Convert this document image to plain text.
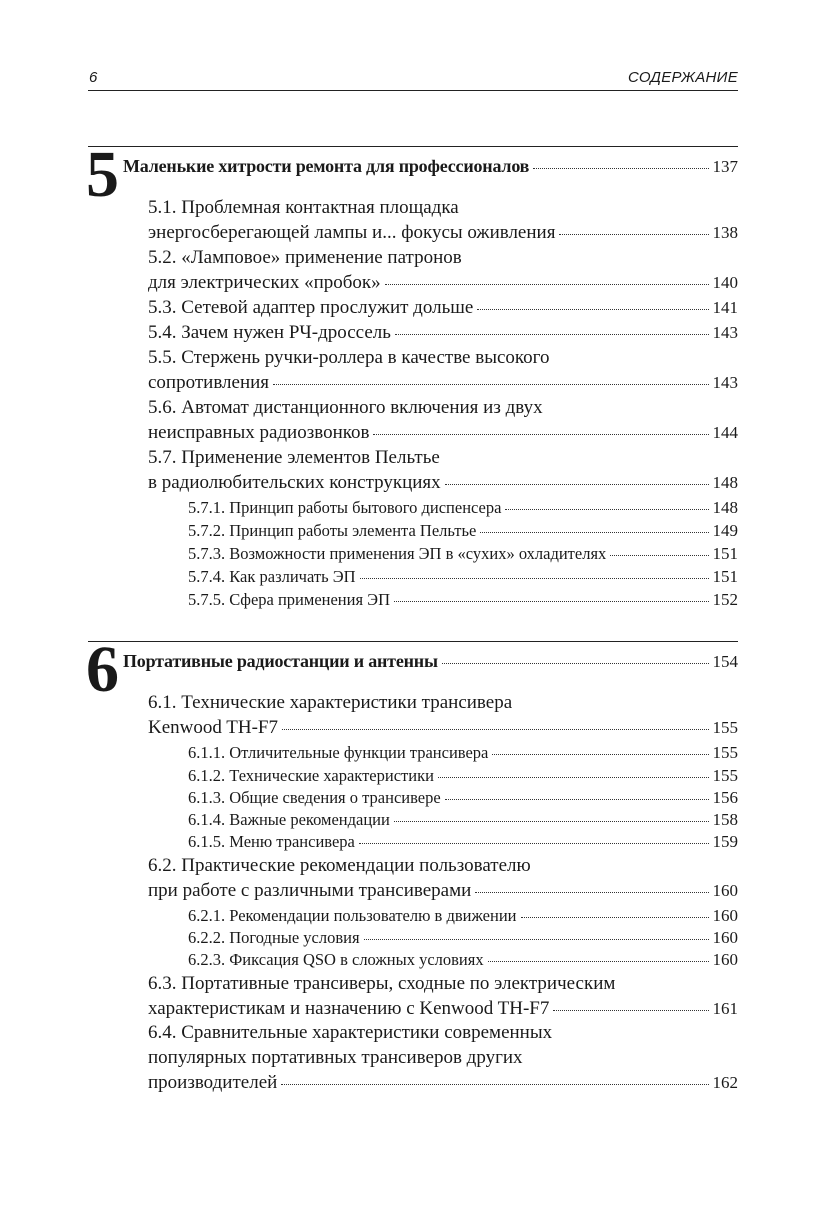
6	СОДЕРЖАНИЕ
5 Маленькие хитрости ремонта для профессионалов	137
5.1. Проблемная контактная площадка
энергосберегающей лампы и... фокусы оживления	138
5.2. «Ламповое» применение патронов
для электрических «пробок»	140
5.3. Сетевой адаптер прослужит дольше	141
5.4. Зачем нужен РЧ-дроссель	143
5.5. Стержень ручки-роллера в качестве высокого
сопротивления	143
5.6. Автомат дистанционного включения из двух
неисправных радиозвонков	144
5.7. Применение элементов Пельтье
в радиолюбительских конструкциях	148
5.7.1. Принцип работы бытового диспенсера	148
5.7.2. Принцип работы элемента Пельтье	149
5.7.3. Возможности применения ЭП в «сухих» охладителях	151
5.7.4. Как различать ЭП	151
5.7.5. Сфера применения ЭП	152
6 Портативные радиостанции и антенны	154
6.1. Технические характеристики трансивера
Kenwood TH-F7	155
6.1.1. Отличительные функции трансивера	155
6.1.2. Технические характеристики	155
6.1.3. Общие сведения о трансивере	156
6.1.4. Важные рекомендации	158
6.1.5. Меню трансивера	159
6.2. Практические рекомендации пользователю
при работе с различными трансиверами	160
6.2.1. Рекомендации пользователю в движении	160
6.2.2. Погодные условия	160
6.2.3. Фиксация QSO в сложных условиях	160
6.3. Портативные трансиверы, сходные по электрическим
характеристикам и назначению с Kenwood TH-F7	161
6.4. Сравнительные характеристики современных
популярных портативных трансиверов других
производителей	162
